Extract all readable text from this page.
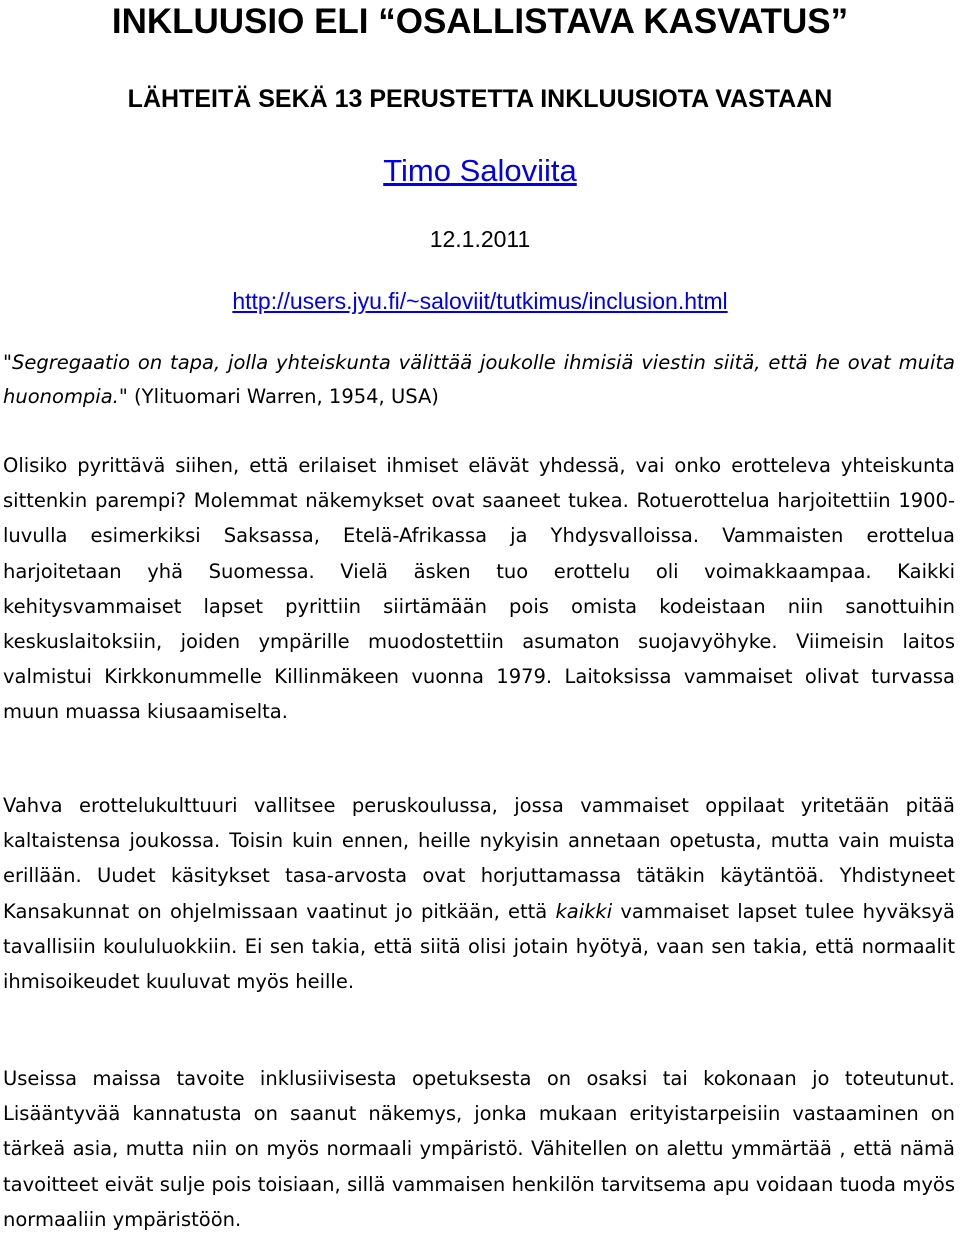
INKLUUSIO ELI “OSALLISTAVA KASVATUS”
LÄHTEITÄ SEKÄ 13 PERUSTETTA INKLUUSIOTA VASTAAN

Timo Saloviita

12.1.2011

http://users.jyu.fi/~saloviit/tutkimus/inclusion.html

"Segregaatio on tapa, jolla yhteiskunta välittää joukolle ihmisiä viestin siitä, että he ovat muita huonompia." (Ylituomari Warren, 1954, USA)

Olisiko pyrittävä siihen, että erilaiset ihmiset elävät yhdessä, vai onko erotteleva yhteiskunta sittenkin parempi? Molemmat näkemykset ovat saaneet tukea. Rotuerottelua harjoitettiin 1900-luvulla esimerkiksi Saksassa, Etelä-Afrikassa ja Yhdysvalloissa. Vammaisten erottelua harjoitetaan yhä Suomessa. Vielä äsken tuo erottelu oli voimakkaampaa. Kaikki kehitysvammaiset lapset pyrittiin siirtämään pois omista kodeistaan niin sanottuihin keskuslaitoksiin, joiden ympärille muodostettiin asumaton suojavyöhyke. Viimeisin laitos valmistui Kirkkonummelle Killinmäkeen vuonna 1979. Laitoksissa vammaiset olivat turvassa muun muassa kiusaamiselta.

Vahva erottelukulttuuri vallitsee peruskoulussa, jossa vammaiset oppilaat yritetään pitää kaltaistensa joukossa. Toisin kuin ennen, heille nykyisin annetaan opetusta, mutta vain muista erillään. Uudet käsitykset tasa-arvosta ovat horjuttamassa tätäkin käytäntöä. Yhdistyneet Kansakunnat on ohjelmissaan vaatinut jo pitkään, että kaikki vammaiset lapset tulee hyväksyä tavallisiin koululuokkiin. Ei sen takia, että siitä olisi jotain hyötyä, vaan sen takia, että normaalit ihmisoikeudet kuuluvat myös heille.

Useissa maissa tavoite inklusiivisesta opetuksesta on osaksi tai kokonaan jo toteutunut. Lisääntyvää kannatusta on saanut näkemys, jonka mukaan erityistarpeisiin vastaaminen on tärkeä asia, mutta niin on myös normaali ympäristö. Vähitellen on alettu ymmärtää , että nämä tavoitteet eivät sulje pois toisiaan, sillä vammaisen henkilön tarvitsema apu voidaan tuoda myös normaaliin ympäristöön.
